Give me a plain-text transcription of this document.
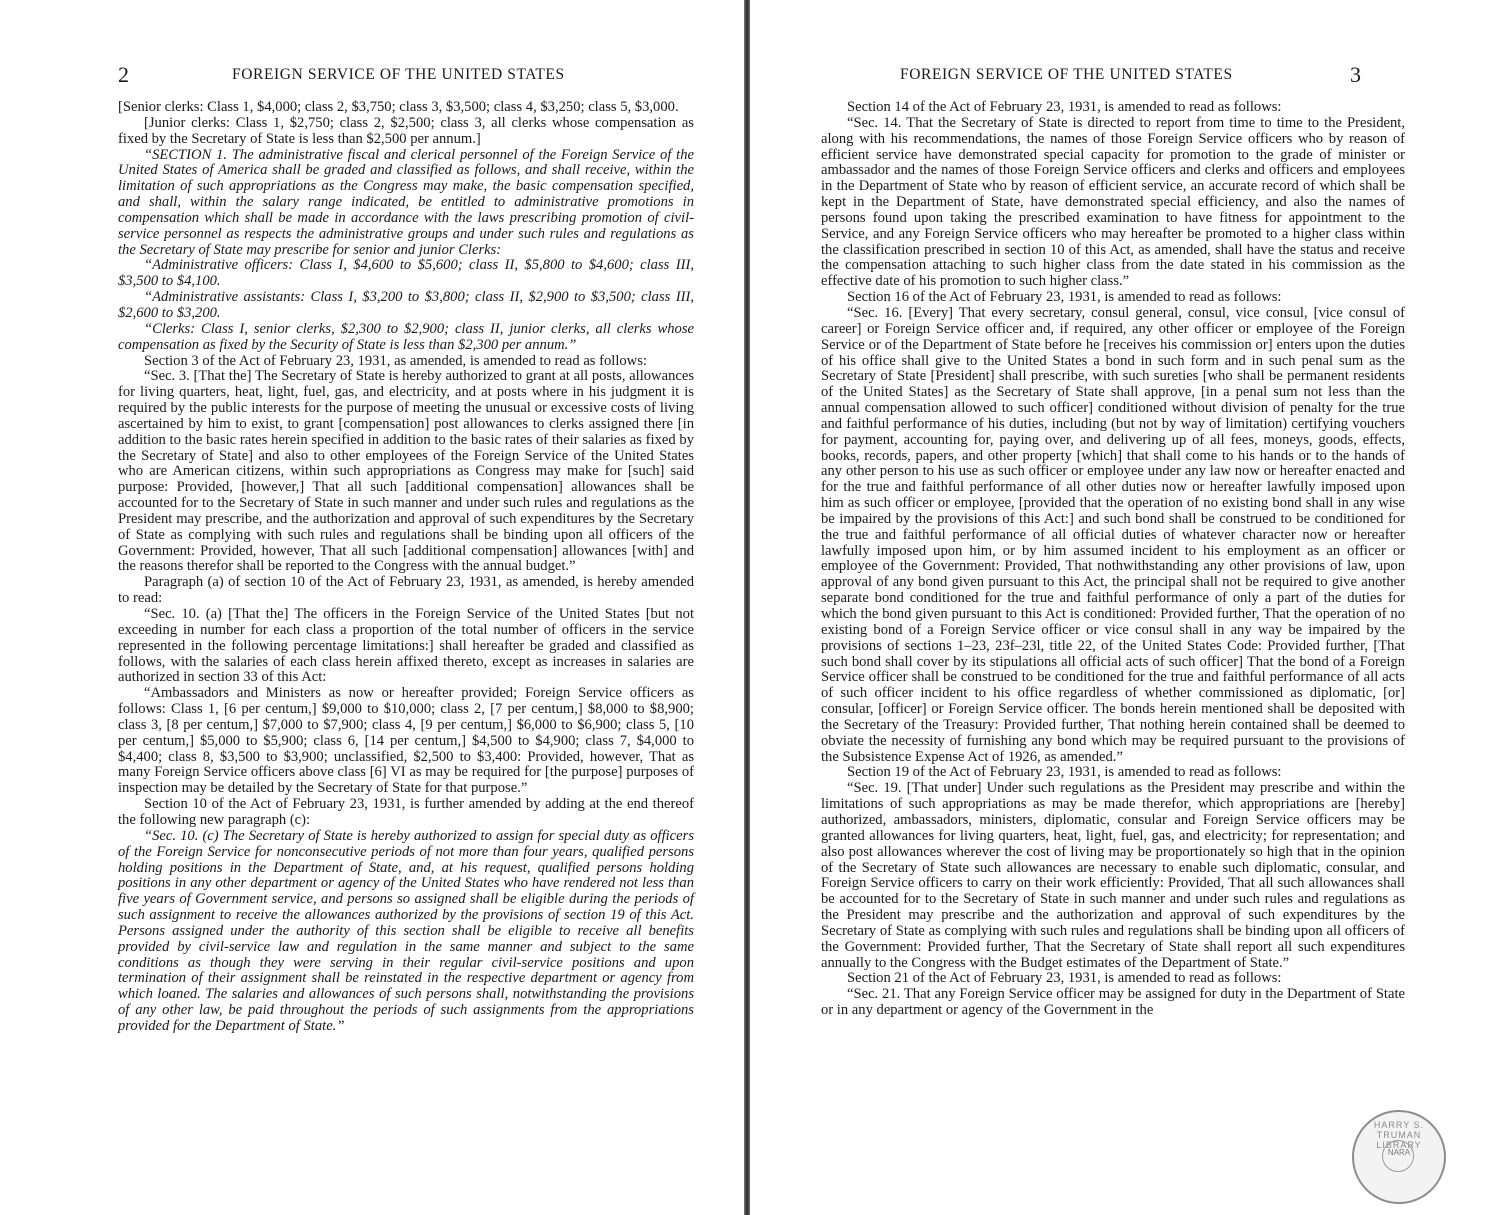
2	FOREIGN SERVICE OF THE UNITED STATES

[Senior clerks: Class 1, $4,000; class 2, $3,750; class 3, $3,500; class 4, $3,250; class 5, $3,000.

[Junior clerks: Class 1, $2,750; class 2, $2,500; class 3, all clerks whose compensation as fixed by the Secretary of State is less than $2,500 per annum.]

“SECTION 1. The administrative fiscal and clerical personnel of the Foreign Service of the United States of America shall be graded and classified as follows, and shall receive, within the limitation of such appropriations as the Congress may make, the basic compensation specified, and shall, within the salary range indicated, be entitled to administrative promotions in compensation which shall be made in accordance with the laws prescribing promotion of civil-service personnel as respects the administrative groups and under such rules and regulations as the Secretary of State may prescribe for senior and junior Clerks:

“Administrative officers: Class I, $4,600 to $5,600; class II, $5,800 to $4,600; class III, $3,500 to $4,100.

“Administrative assistants: Class I, $3,200 to $3,800; class II, $2,900 to $3,500; class III, $2,600 to $3,200.

“Clerks: Class I, senior clerks, $2,300 to $2,900; class II, junior clerks, all clerks whose compensation as fixed by the Security of State is less than $2,300 per annum.”

Section 3 of the Act of February 23, 1931, as amended, is amended to read as follows:

“Sec. 3. [That the] The Secretary of State is hereby authorized to grant at all posts, allowances for living quarters, heat, light, fuel, gas, and electricity, and at posts where in his judgment it is required by the public interests for the purpose of meeting the unusual or excessive costs of living ascertained by him to exist, to grant [compensation] post allowances to clerks assigned there [in addition to the basic rates herein specified in addition to the basic rates of their salaries as fixed by the Secretary of State] and also to other employees of the Foreign Service of the United States who are American citizens, within such appropriations as Congress may make for [such] said purpose: Provided, [however,] That all such [additional compensation] allowances shall be accounted for to the Secretary of State in such manner and under such rules and regulations as the President may prescribe, and the authorization and approval of such expenditures by the Secretary of State as complying with such rules and regulations shall be binding upon all officers of the Government: Provided, however, That all such [additional compensation] allowances [with] and the reasons therefor shall be reported to the Congress with the annual budget.”

Paragraph (a) of section 10 of the Act of February 23, 1931, as amended, is hereby amended to read:

“Sec. 10. (a) [That the] The officers in the Foreign Service of the United States [but not exceeding in number for each class a proportion of the total number of officers in the service represented in the following percentage limitations:] shall hereafter be graded and classified as follows, with the salaries of each class herein affixed thereto, except as increases in salaries are authorized in section 33 of this Act:

“Ambassadors and Ministers as now or hereafter provided; Foreign Service officers as follows: Class 1, [6 per centum,] $9,000 to $10,000; class 2, [7 per centum,] $8,000 to $8,900; class 3, [8 per centum,] $7,000 to $7,900; class 4, [9 per centum,] $6,000 to $6,900; class 5, [10 per centum,] $5,000 to $5,900; class 6, [14 per centum,] $4,500 to $4,900; class 7, $4,000 to $4,400; class 8, $3,500 to $3,900; unclassified, $2,500 to $3,400: Provided, however, That as many Foreign Service officers above class [6] VI as may be required for [the purpose] purposes of inspection may be detailed by the Secretary of State for that purpose.”

Section 10 of the Act of February 23, 1931, is further amended by adding at the end thereof the following new paragraph (c):

“Sec. 10. (c) The Secretary of State is hereby authorized to assign for special duty as officers of the Foreign Service for nonconsecutive periods of not more than four years, qualified persons holding positions in the Department of State, and, at his request, qualified persons holding positions in any other department or agency of the United States who have rendered not less than five years of Government service, and persons so assigned shall be eligible during the periods of such assignment to receive the allowances authorized by the provisions of section 19 of this Act. Persons assigned under the authority of this section shall be eligible to receive all benefits provided by civil-service law and regulation in the same manner and subject to the same conditions as though they were serving in their regular civil-service positions and upon termination of their assignment shall be reinstated in the respective department or agency from which loaned. The salaries and allowances of such persons shall, notwithstanding the provisions of any other law, be paid throughout the periods of such assignments from the appropriations provided for the Department of State.”

FOREIGN SERVICE OF THE UNITED STATES	3

Section 14 of the Act of February 23, 1931, is amended to read as follows:

“Sec. 14. That the Secretary of State is directed to report from time to time to the President, along with his recommendations, the names of those Foreign Service officers who by reason of efficient service have demonstrated special capacity for promotion to the grade of minister or ambassador and the names of those Foreign Service officers and clerks and officers and employees in the Department of State who by reason of efficient service, an accurate record of which shall be kept in the Department of State, have demonstrated special efficiency, and also the names of persons found upon taking the prescribed examination to have fitness for appointment to the Service, and any Foreign Service officers who may hereafter be promoted to a higher class within the classification prescribed in section 10 of this Act, as amended, shall have the status and receive the compensation attaching to such higher class from the date stated in his commission as the effective date of his promotion to such higher class.”

Section 16 of the Act of February 23, 1931, is amended to read as follows:

“Sec. 16. [Every] That every secretary, consul general, consul, vice consul, [vice consul of career] or Foreign Service officer and, if required, any other officer or employee of the Foreign Service or of the Department of State before he [receives his commission or] enters upon the duties of his office shall give to the United States a bond in such form and in such penal sum as the Secretary of State [President] shall prescribe, with such sureties [who shall be permanent residents of the United States] as the Secretary of State shall approve, [in a penal sum not less than the annual compensation allowed to such officer] conditioned without division of penalty for the true and faithful performance of his duties, including (but not by way of limitation) certifying vouchers for payment, accounting for, paying over, and delivering up of all fees, moneys, goods, effects, books, records, papers, and other property [which] that shall come to his hands or to the hands of any other person to his use as such officer or employee under any law now or hereafter enacted and for the true and faithful performance of all other duties now or hereafter lawfully imposed upon him as such officer or employee, [provided that the operation of no existing bond shall in any wise be impaired by the provisions of this Act:] and such bond shall be construed to be conditioned for the true and faithful performance of all official duties of whatever character now or hereafter lawfully imposed upon him, or by him assumed incident to his employment as an officer or employee of the Government: Provided, That nothwithstanding any other provisions of law, upon approval of any bond given pursuant to this Act, the principal shall not be required to give another separate bond conditioned for the true and faithful performance of only a part of the duties for which the bond given pursuant to this Act is conditioned: Provided further, That the operation of no existing bond of a Foreign Service officer or vice consul shall in any way be impaired by the provisions of sections 1–23, 23f–23l, title 22, of the United States Code: Provided further, [That such bond shall cover by its stipulations all official acts of such officer] That the bond of a Foreign Service officer shall be construed to be conditioned for the true and faithful performance of all acts of such officer incident to his office regardless of whether commissioned as diplomatic, [or] consular, [officer] or Foreign Service officer. The bonds herein mentioned shall be deposited with the Secretary of the Treasury: Provided further, That nothing herein contained shall be deemed to obviate the necessity of furnishing any bond which may be required pursuant to the provisions of the Subsistence Expense Act of 1926, as amended.”

Section 19 of the Act of February 23, 1931, is amended to read as follows:

“Sec. 19. [That under] Under such regulations as the President may prescribe and within the limitations of such appropriations as may be made therefor, which appropriations are [hereby] authorized, ambassadors, ministers, diplomatic, consular and Foreign Service officers may be granted allowances for living quarters, heat, light, fuel, gas, and electricity; for representation; and also post allowances wherever the cost of living may be proportionately so high that in the opinion of the Secretary of State such allowances are necessary to enable such diplomatic, consular, and Foreign Service officers to carry on their work efficiently: Provided, That all such allowances shall be accounted for to the Secretary of State in such manner and under such rules and regulations as the President may prescribe and the authorization and approval of such expenditures by the Secretary of State as complying with such rules and regulations shall be binding upon all officers of the Government: Provided further, That the Secretary of State shall report all such expenditures annually to the Congress with the Budget estimates of the Department of State.”

Section 21 of the Act of February 23, 1931, is amended to read as follows:

“Sec. 21. That any Foreign Service officer may be assigned for duty in the Department of State or in any department or agency of the Government in the

HARRY S. TRUMAN LIBRARY
NARA
